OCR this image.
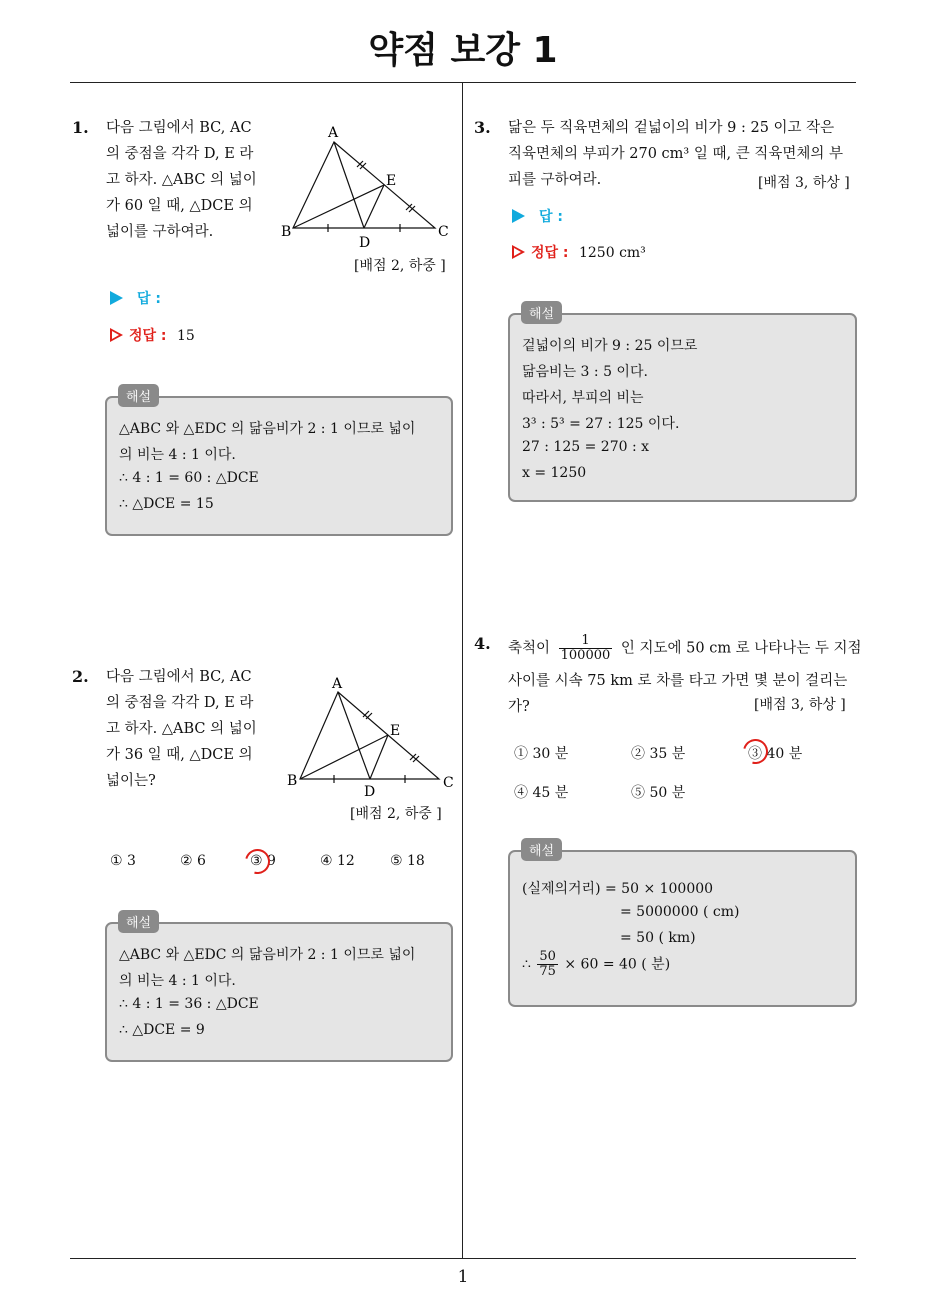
약점 보강 1
1
1. 다음 그림에서 BC, AC
의 중점을 각각 D, E 라
고 하자. △ABC 의 넓이
가 60 일 때, △DCE 의
넓이를 구하여라.
A
B	C
D
E
[배점 2, 하중 ]
답 :
정답 : 15
△ABC 와 △EDC 의 닮음비가 2 : 1 이므로 넓이
의 비는 4 : 1 이다.
∴ 4 : 1 = 60 : △DCE
∴ △DCE = 15
해설
2. 다음 그림에서 BC, AC
의 중점을 각각 D, E 라
고 하자. △ABC 의 넓이
가 36 일 때, △DCE 의
넓이는?
A
B	C
D
E
[배점 2, 하중 ]
① 3	② 6	③ 9	④ 12	⑤ 18
△ABC 와 △EDC 의 닮음비가 2 : 1 이므로 넓이
의 비는 4 : 1 이다.
∴ 4 : 1 = 36 : △DCE
∴ △DCE = 9
해설
3. 닮은 두 직육면체의 겉넓이의 비가 9 : 25 이고 작은
직육면체의 부피가 270 cm³ 일 때, 큰 직육면체의 부
피를 구하여라.	[배점 3, 하상 ]
답 :
정답 : 1250 cm³
겉넓이의 비가 9 : 25 이므로
닮음비는 3 : 5 이다.
따라서, 부피의 비는
3³ : 5³ = 27 : 125 이다.
27 : 125 = 270 : x
x = 1250
해설
4. 축척이 $\frac{1}{100000}$ 인 지도에 50 cm 로 나타나는 두 지점
사이를 시속 75 km 로 차를 타고 가면 몇 분이 걸리는
가?	[배점 3, 하상 ]
① 30 분	② 35 분	③ 40 분
④ 45 분	⑤ 50 분
(실제의거리) = 50 × 100000
= 5000000 ( cm)
= 50 ( km)
∴ $\frac{50}{75} \times 60 = 40$ ( 분)
해설
